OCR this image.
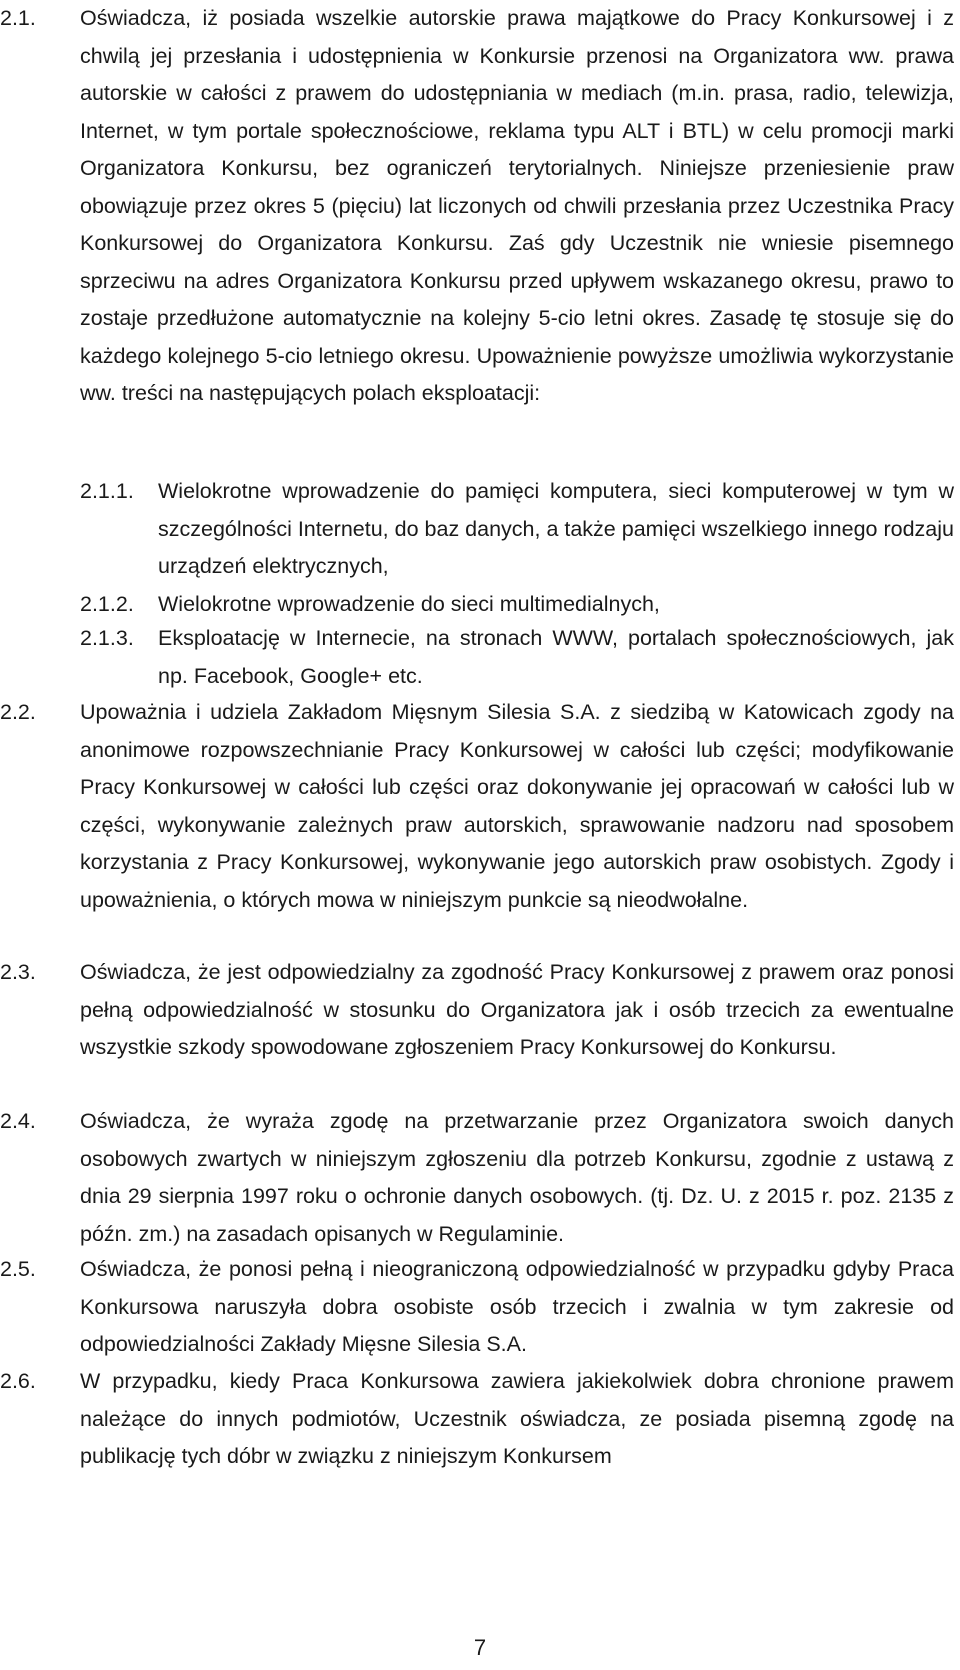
2.1. Oświadcza, iż posiada wszelkie autorskie prawa majątkowe do Pracy Konkursowej i z chwilą jej przesłania i udostępnienia w Konkursie przenosi na Organizatora ww. prawa autorskie w całości z prawem do udostępniania w mediach (m.in. prasa, radio, telewizja, Internet, w tym portale społecznościowe, reklama typu ALT i BTL) w celu promocji marki Organizatora Konkursu, bez ograniczeń terytorialnych. Niniejsze przeniesienie praw obowiązuje przez okres 5 (pięciu) lat liczonych od chwili przesłania przez Uczestnika Pracy Konkursowej do Organizatora Konkursu. Zaś gdy Uczestnik nie wniesie pisemnego sprzeciwu na adres Organizatora Konkursu przed upływem wskazanego okresu, prawo to zostaje przedłużone automatycznie na kolejny 5-cio letni okres. Zasadę tę stosuje się do każdego kolejnego 5-cio letniego okresu. Upoważnienie powyższe umożliwia wykorzystanie ww. treści na następujących polach eksploatacji:
2.1.1. Wielokrotne wprowadzenie do pamięci komputera, sieci komputerowej w tym w szczególności Internetu, do baz danych, a także pamięci wszelkiego innego rodzaju urządzeń elektrycznych,
2.1.2. Wielokrotne wprowadzenie do sieci multimedialnych,
2.1.3. Eksploatację w Internecie, na stronach WWW, portalach społecznościowych, jak np. Facebook, Google+ etc.
2.2. Upoważnia i udziela Zakładom Mięsnym Silesia S.A. z siedzibą w Katowicach zgody na anonimowe rozpowszechnianie Pracy Konkursowej w całości lub części; modyfikowanie Pracy Konkursowej w całości lub części oraz dokonywanie jej opracowań w całości lub w części, wykonywanie zależnych praw autorskich, sprawowanie nadzoru nad sposobem korzystania z Pracy Konkursowej, wykonywanie jego autorskich praw osobistych. Zgody i upoważnienia, o których mowa w niniejszym punkcie są nieodwołalne.
2.3. Oświadcza, że jest odpowiedzialny za zgodność Pracy Konkursowej z prawem oraz ponosi pełną odpowiedzialność w stosunku do Organizatora jak i osób trzecich za ewentualne wszystkie szkody spowodowane zgłoszeniem Pracy Konkursowej do Konkursu.
2.4. Oświadcza, że wyraża zgodę na przetwarzanie przez Organizatora swoich danych osobowych zwartych w niniejszym zgłoszeniu dla potrzeb Konkursu, zgodnie z ustawą z dnia 29 sierpnia 1997 roku o ochronie danych osobowych. (tj. Dz. U. z 2015 r. poz. 2135 z późn. zm.) na zasadach opisanych w Regulaminie.
2.5. Oświadcza, że ponosi pełną i nieograniczoną odpowiedzialność w przypadku gdyby Praca Konkursowa naruszyła dobra osobiste osób trzecich i zwalnia w tym zakresie od odpowiedzialności Zakłady Mięsne Silesia S.A.
2.6. W przypadku, kiedy Praca Konkursowa zawiera jakiekolwiek dobra chronione prawem należące do innych podmiotów, Uczestnik oświadcza, ze posiada pisemną zgodę na publikację tych dóbr w związku z niniejszym Konkursem
7
